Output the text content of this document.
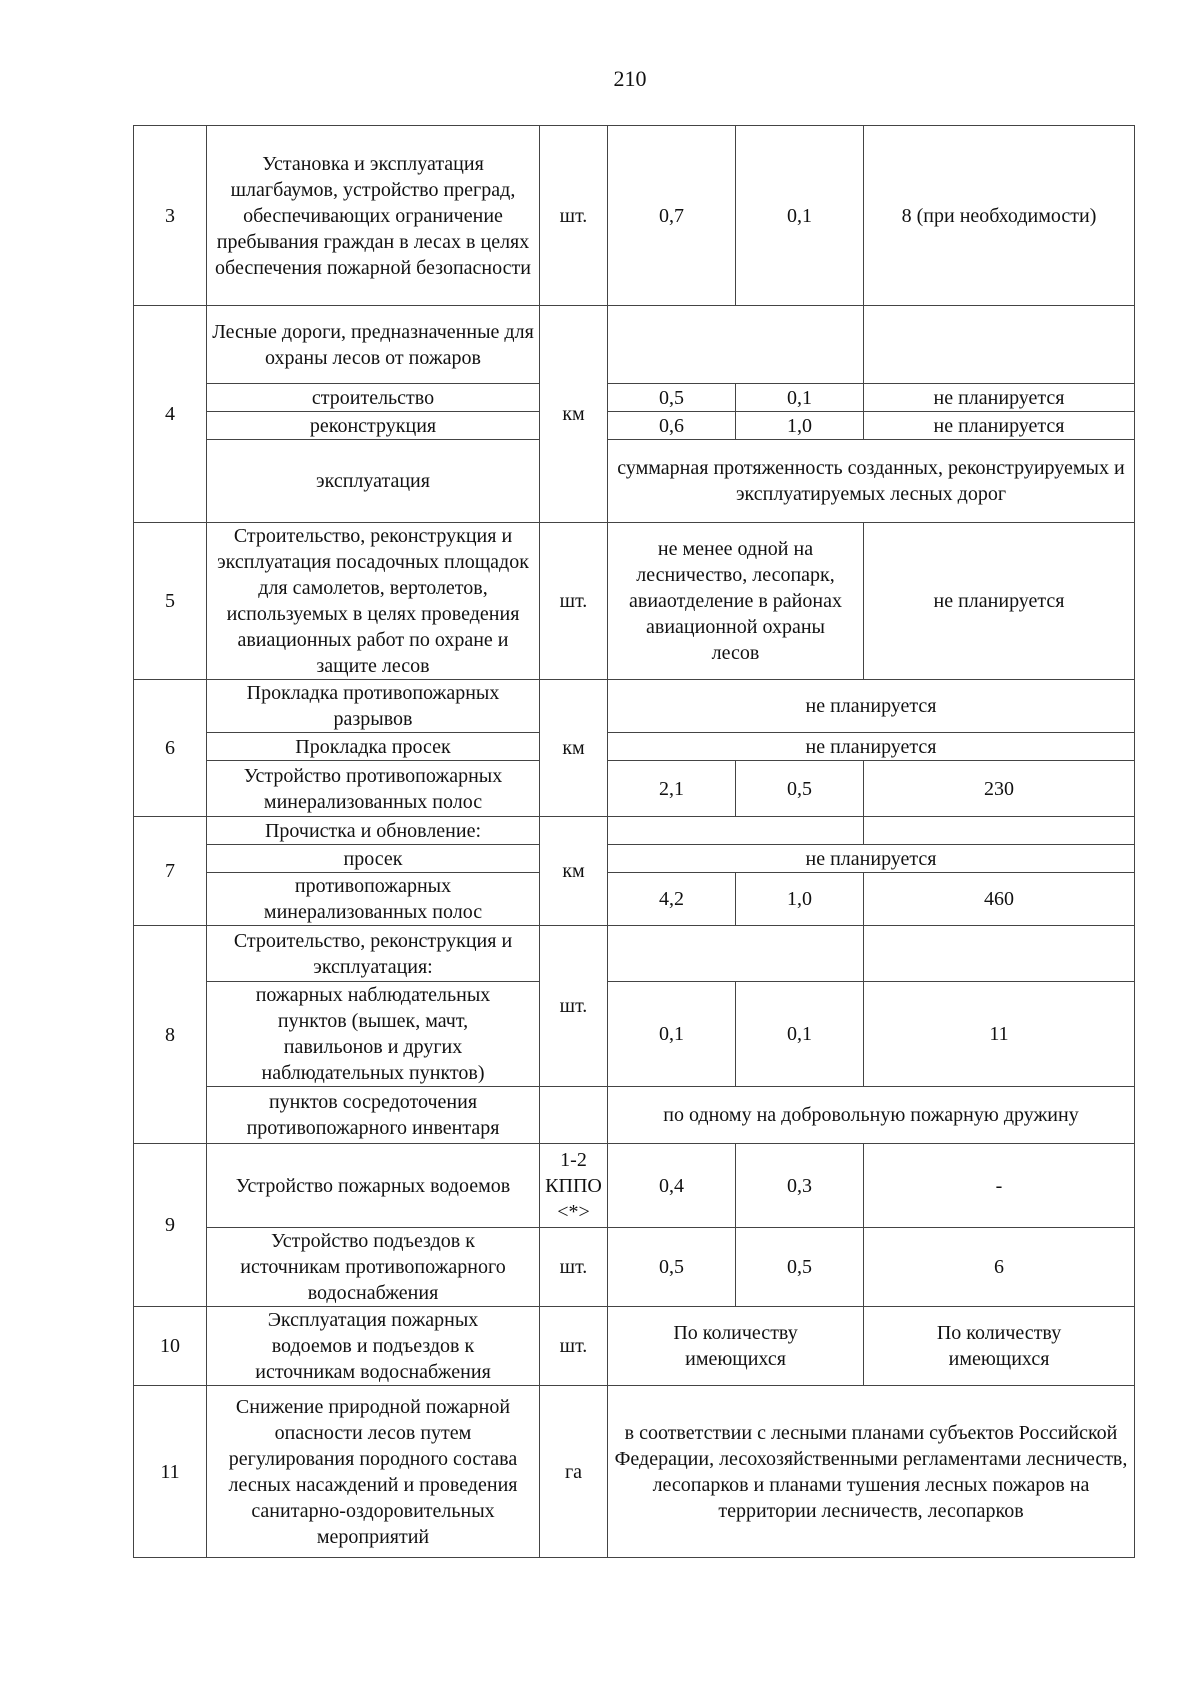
210
3	Установка и эксплуатация шлагбаумов, устройство преград, обеспечивающих ограничение пребывания граждан в лесах в целях обеспечения пожарной безопасности	шт.	0,7	0,1	8 (при необходимости)
4	Лесные дороги, предназначенные для охраны лесов от пожаров	км			
	строительство		0,5	0,1	не планируется
	реконструкция		0,6	1,0	не планируется
	эксплуатация		суммарная протяженность созданных, реконструируемых и эксплуатируемых лесных дорог		
5	Строительство, реконструкция и эксплуатация посадочных площадок для самолетов, вертолетов, используемых в целях проведения авиационных работ по охране и защите лесов	шт.	не менее одной на лесничество, лесопарк, авиаотделение в районах авиационной охраны лесов		не планируется
6	Прокладка противопожарных разрывов	км	не планируется		
	Прокладка просек		не планируется		
	Устройство противопожарных минерализованных полос		2,1	0,5	230
7	Прочистка и обновление:	км			
	просек		не планируется		
	противопожарных минерализованных полос		4,2	1,0	460
8	Строительство, реконструкция и эксплуатация:	шт.			
	пожарных наблюдательных пунктов (вышек, мачт, павильонов и других наблюдательных пунктов)		0,1	0,1	11
	пунктов сосредоточения противопожарного инвентаря		по одному на добровольную пожарную дружину		
9	Устройство пожарных водоемов	1-2 КППО <*>	0,4	0,3	-
	Устройство подъездов к источникам противопожарного водоснабжения	шт.	0,5	0,5	6
10	Эксплуатация пожарных водоемов и подъездов к источникам водоснабжения	шт.	По количеству имеющихся		По количеству имеющихся
11	Снижение природной пожарной опасности лесов путем регулирования породного состава лесных насаждений и проведения санитарно-оздоровительных мероприятий	га	в соответствии с лесными планами субъектов Российской Федерации, лесохозяйственными регламентами лесничеств, лесопарков и планами тушения лесных пожаров на территории лесничеств, лесопарков		
